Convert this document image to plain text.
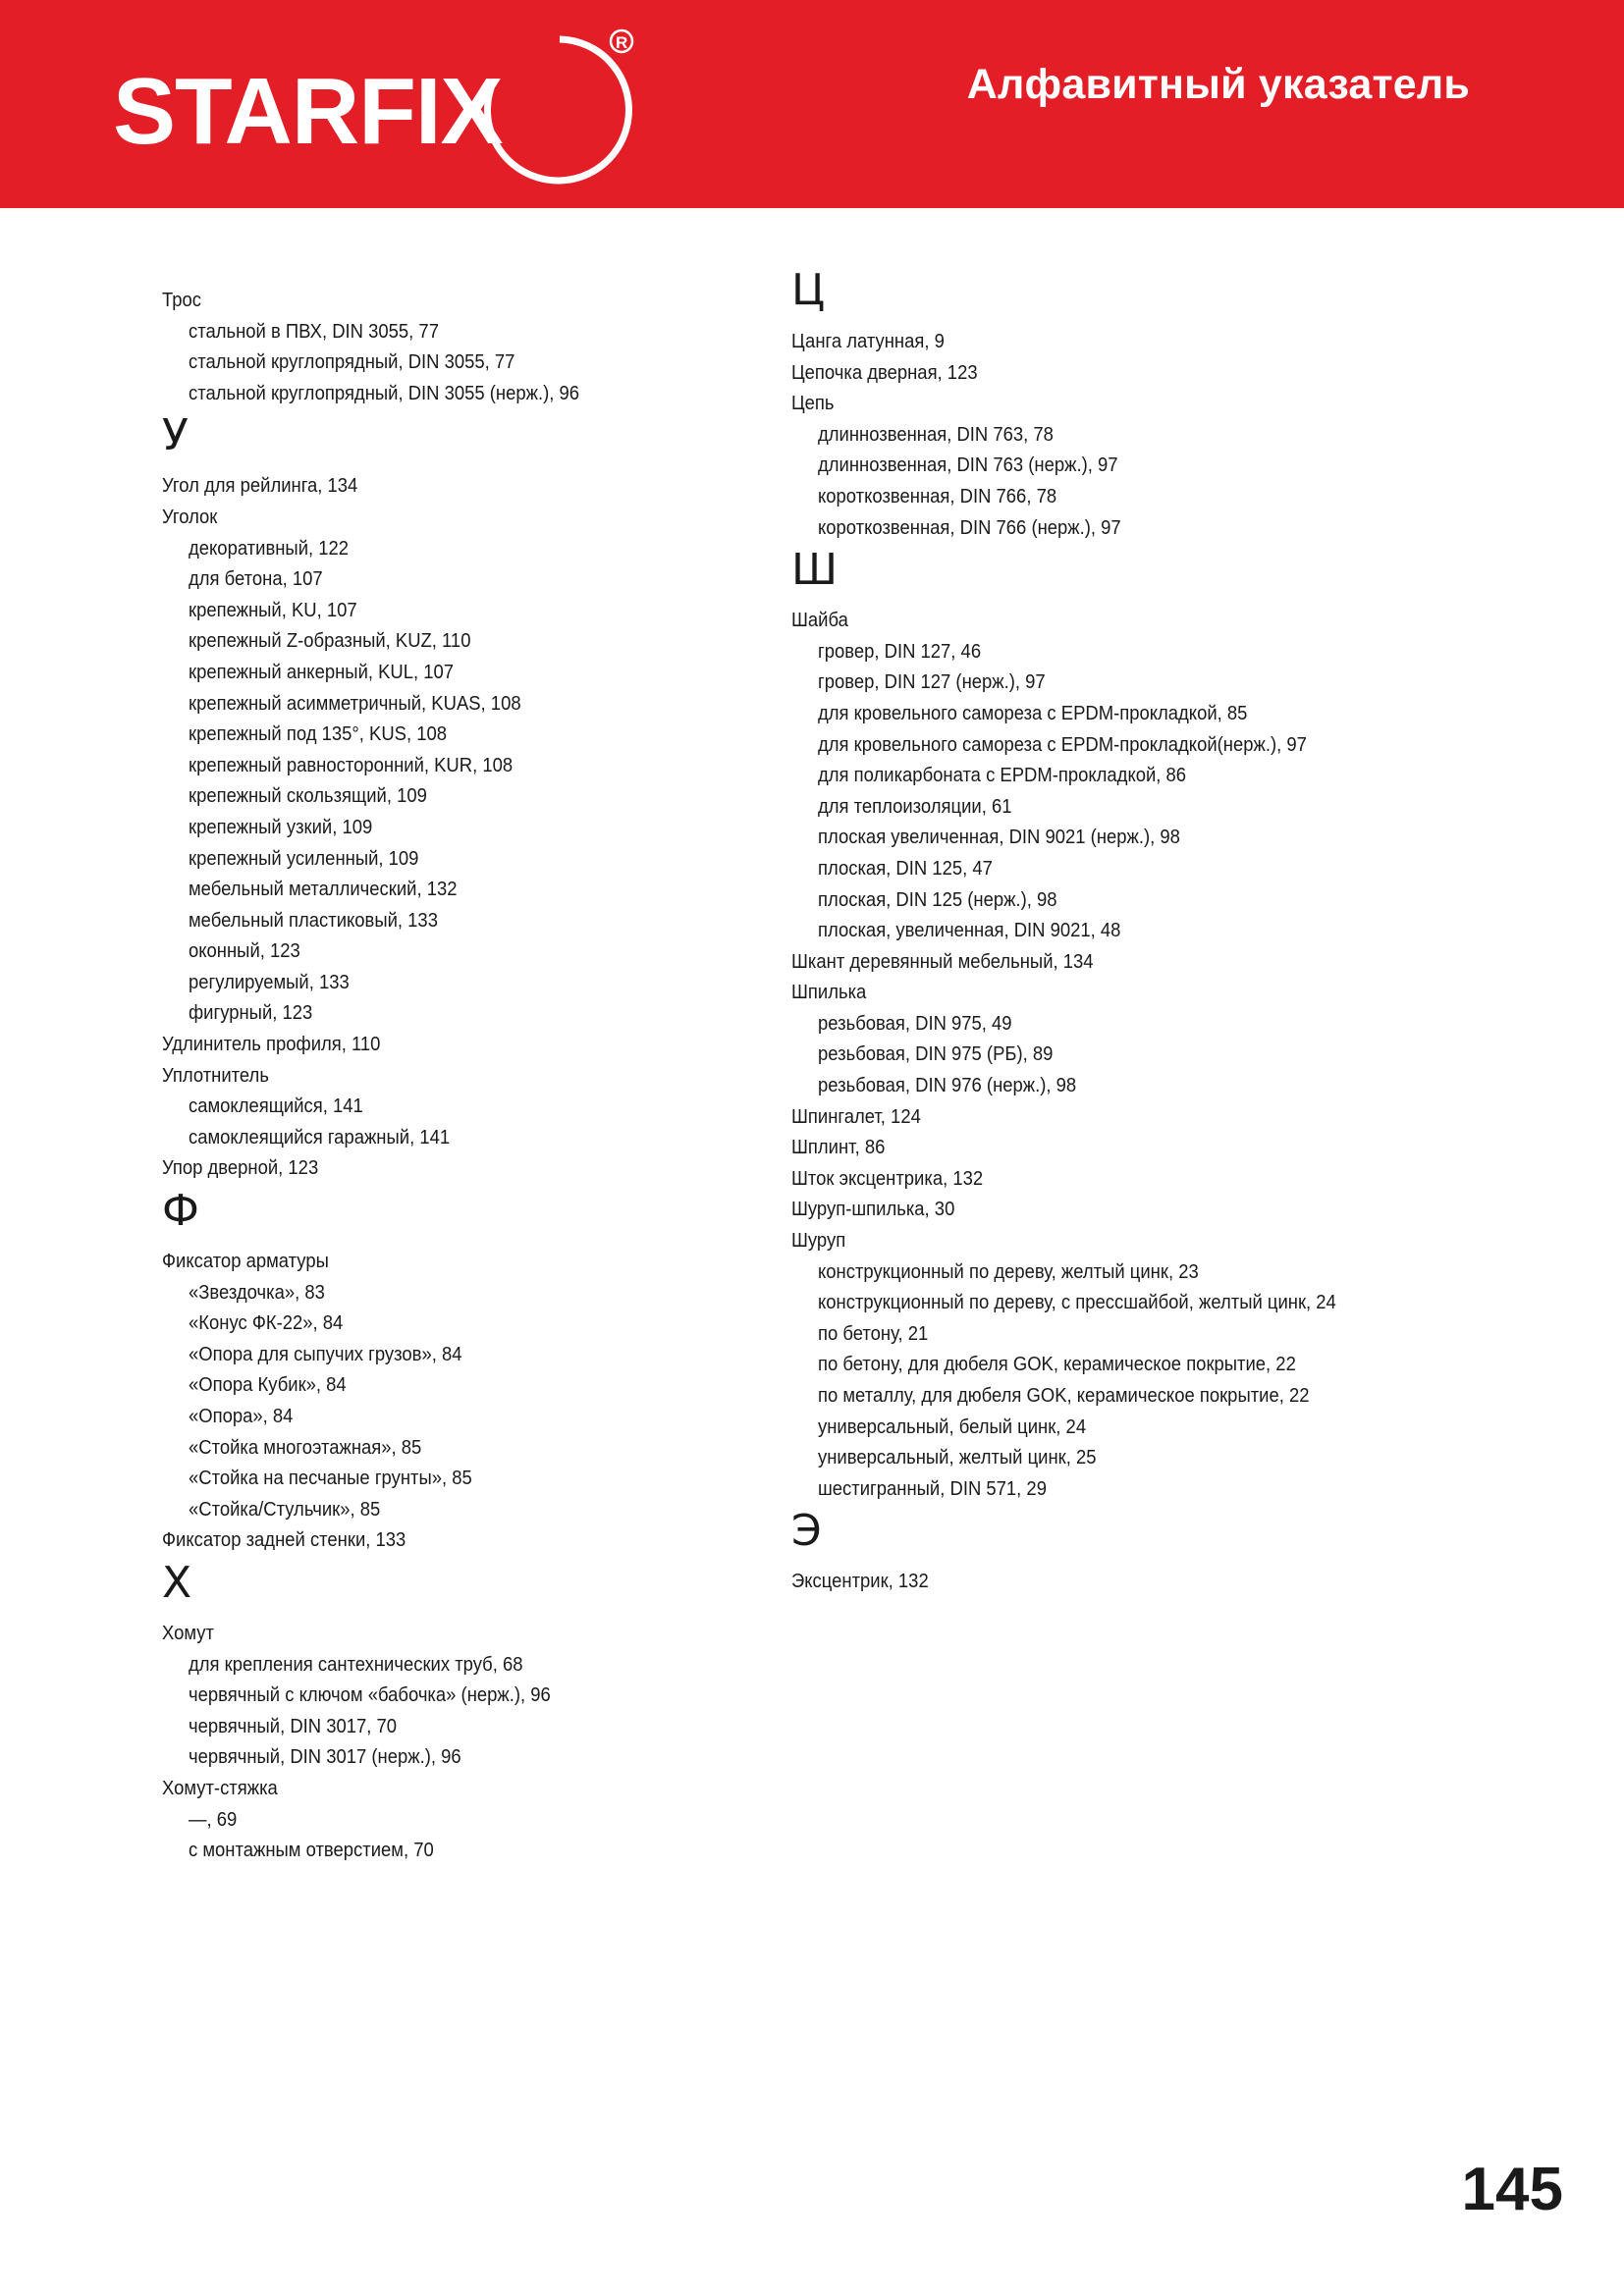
STARFIX
R
Алфавитный указатель
Трос
стальной в ПВХ, DIN 3055, 77
стальной круглопрядный, DIN 3055, 77
стальной круглопрядный, DIN 3055 (нерж.), 96
У
Угол для рейлинга, 134
Уголок
декоративный, 122
для бетона, 107
крепежный, KU, 107
крепежный Z-образный, KUZ, 110
крепежный анкерный, KUL, 107
крепежный асимметричный, KUAS, 108
крепежный под 135°, KUS, 108
крепежный равносторонний, KUR, 108
крепежный скользящий, 109
крепежный узкий, 109
крепежный усиленный, 109
мебельный металлический, 132
мебельный пластиковый, 133
оконный, 123
регулируемый, 133
фигурный, 123
Удлинитель профиля, 110
Уплотнитель
самоклеящийся, 141
самоклеящийся гаражный, 141
Упор дверной, 123
Ф
Фиксатор арматуры
«Звездочка», 83
«Конус ФК-22», 84
«Опора для сыпучих грузов», 84
«Опора Кубик», 84
«Опора», 84
«Стойка многоэтажная», 85
«Стойка на песчаные грунты», 85
«Стойка/Стульчик», 85
Фиксатор задней стенки, 133
Х
Хомут
для крепления сантехнических труб, 68
червячный с ключом «бабочка» (нерж.), 96
червячный, DIN 3017, 70
червячный, DIN 3017 (нерж.), 96
Хомут-стяжка
—, 69
с монтажным отверстием, 70
Ц
Цанга латунная, 9
Цепочка дверная, 123
Цепь
длиннозвенная, DIN 763, 78
длиннозвенная, DIN 763 (нерж.), 97
короткозвенная, DIN 766, 78
короткозвенная, DIN 766 (нерж.), 97
Ш
Шайба
гровер, DIN 127, 46
гровер, DIN 127 (нерж.), 97
для кровельного самореза с EPDM-прокладкой, 85
для кровельного самореза с EPDM-прокладкой(нерж.), 97
для поликарбоната с EPDM-прокладкой, 86
для теплоизоляции, 61
плоская увеличенная, DIN 9021 (нерж.), 98
плоская, DIN 125, 47
плоская, DIN 125 (нерж.), 98
плоская, увеличенная, DIN 9021, 48
Шкант деревянный мебельный, 134
Шпилька
резьбовая, DIN 975, 49
резьбовая, DIN 975 (РБ), 89
резьбовая, DIN 976 (нерж.), 98
Шпингалет, 124
Шплинт, 86
Шток эксцентрика, 132
Шуруп-шпилька, 30
Шуруп
конструкционный по дереву, желтый цинк, 23
конструкционный по дереву, с прессшайбой, желтый цинк, 24
по бетону, 21
по бетону, для дюбеля GOK, керамическое покрытие, 22
по металлу, для дюбеля GOK, керамическое покрытие, 22
универсальный, белый цинк, 24
универсальный, желтый цинк, 25
шестигранный, DIN 571, 29
Э
Эксцентрик, 132
145
